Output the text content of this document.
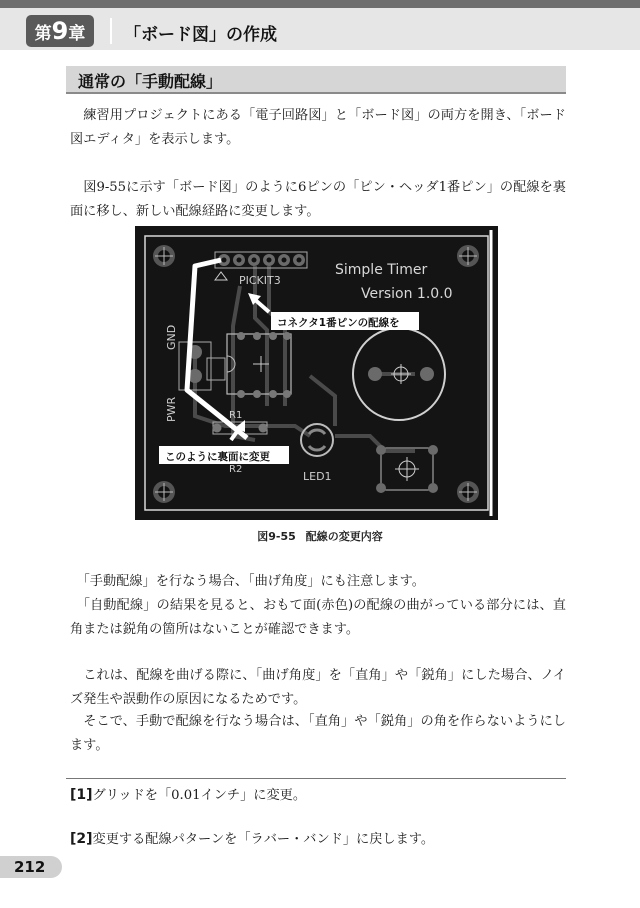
第 9 章 「ボード図」の作成
通常の「手動配線」

　練習用プロジェクトにある「電子回路図」と「ボード図」の両方を開き、「ボード図エディタ」を表示します。

　図9-55に示す「ボード図」のように6ピンの「ピン・ヘッダ1番ピン」の配線を裏面に移し、新しい配線経路に変更します。

PICKIT3
Simple Timer
Version 1.0.0
PWR
GND
R1
R2
LED1
コネクタ1番ピンの配線を
このように裏面に変更
図9-55 配線の変更内容

　「手動配線」を行なう場合、「曲げ角度」にも注意します。

　「自動配線」の結果を見ると、おもて面(赤色)の配線の曲がっている部分には、直角または鋭角の箇所はないことが確認できます。

　これは、配線を曲げる際に、「曲げ角度」を「直角」や「鋭角」にした場合、ノイズ発生や誤動作の原因になるためです。

　そこで、手動で配線を行なう場合は、「直角」や「鋭角」の角を作らないようにします。

[1]グリッドを「0.01インチ」に変更。
[2]変更する配線パターンを「ラバー・バンド」に戻します。
212
